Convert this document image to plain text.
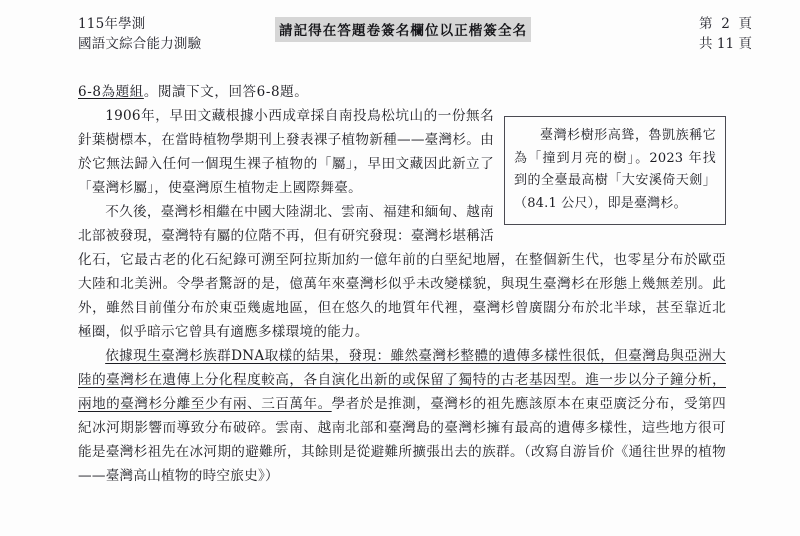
115年學測
國語文綜合能力測驗
請記得在答題卷簽名欄位以正楷簽全名	第 2 頁
共 11 頁
6-8為題組。閱讀下文，回答6-8題。
臺灣杉樹形高聳，魯凱族稱它為「撞到月亮的樹」。2023 年找到的全臺最高樹「大安溪倚天劍」（84.1 公尺），即是臺灣杉。

1906年，早田文藏根據小西成章採自南投鳥松坑山的一份無名針葉樹標本，在當時植物學期刊上發表裸子植物新種——臺灣杉。由於它無法歸入任何一個現生裸子植物的「屬」，早田文藏因此新立了「臺灣杉屬」，使臺灣原生植物走上國際舞臺。

不久後，臺灣杉相繼在中國大陸湖北、雲南、福建和緬甸、越南北部被發現，臺灣特有屬的位階不再，但有研究發現：臺灣杉堪稱活化石，它最古老的化石紀錄可溯至阿拉斯加約一億年前的白堊紀地層，在整個新生代，也零星分布於歐亞大陸和北美洲。令學者驚訝的是，億萬年來臺灣杉似乎未改變樣貌，與現生臺灣杉在形態上幾無差別。此外，雖然目前僅分布於東亞幾處地區，但在悠久的地質年代裡，臺灣杉曾廣闊分布於北半球，甚至靠近北極圈，似乎暗示它曾具有適應多樣環境的能力。

依據現生臺灣杉族群DNA取樣的結果，發現：雖然臺灣杉整體的遺傳多樣性很低，但臺灣島與亞洲大陸的臺灣杉在遺傳上分化程度較高，各自演化出新的或保留了獨特的古老基因型。進一步以分子鐘分析，兩地的臺灣杉分離至少有兩、三百萬年。學者於是推測，臺灣杉的祖先應該原本在東亞廣泛分布，受第四紀冰河期影響而導致分布破碎。雲南、越南北部和臺灣島的臺灣杉擁有最高的遺傳多樣性，這些地方很可能是臺灣杉祖先在冰河期的避難所，其餘則是從避難所擴張出去的族群。（改寫自游旨价《通往世界的植物——臺灣高山植物的時空旅史》）
